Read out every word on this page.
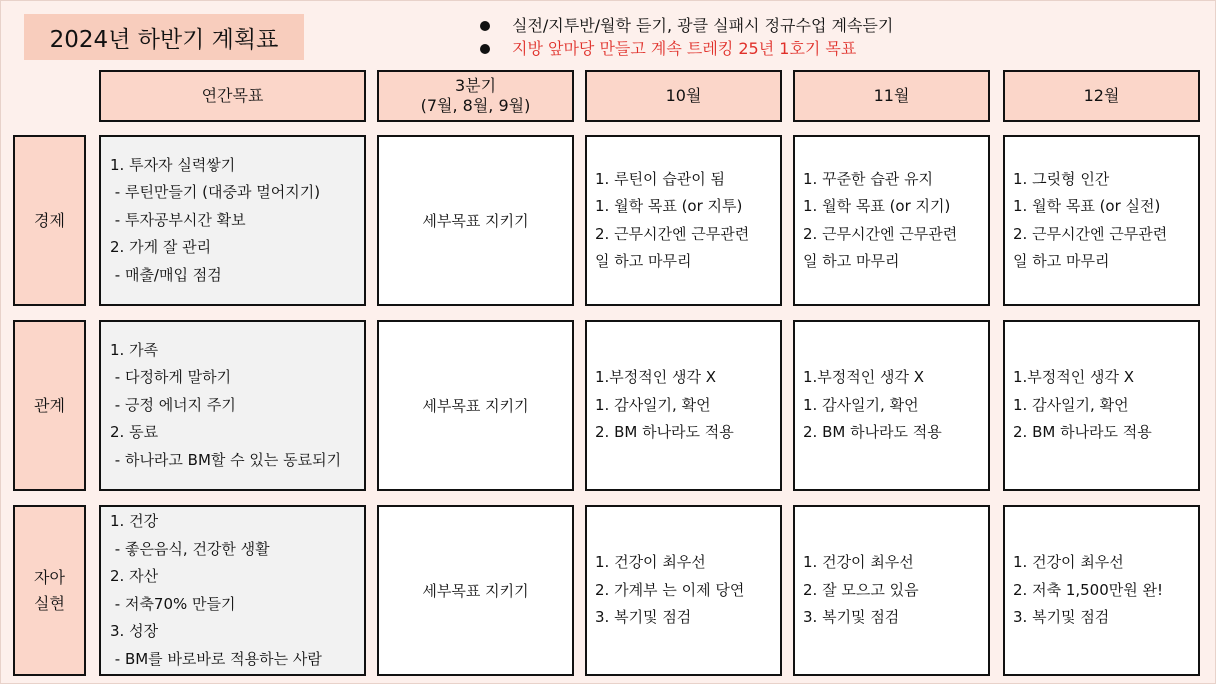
2024년 하반기 계획표
실전/지투반/월학 듣기, 광클 실패시 정규수업 계속듣기
지방 앞마당 만들고 계속 트레킹 25년 1호기 목표
연간목표
3분기
(7월, 8월, 9월)
10월	11월	12월
경제
1. 투자자 실력쌓기
- 루틴만들기 (대중과 멀어지기)
- 투자공부시간 확보
2. 가게 잘 관리
- 매출/매입 점검
세부목표 지키기
1. 루틴이 습관이 됨
1. 월학 목표 (or 지투)
2. 근무시간엔 근무관련
일 하고 마무리
1. 꾸준한 습관 유지
1. 월학 목표 (or 지기)
2. 근무시간엔 근무관련
일 하고 마무리
1. 그릿형 인간
1. 월학 목표 (or 실전)
2. 근무시간엔 근무관련
일 하고 마무리
관계
1. 가족
- 다정하게 말하기
- 긍정 에너지 주기
2. 동료
- 하나라고 BM할 수 있는 동료되기
세부목표 지키기
1.부정적인 생각 X
1. 감사일기, 확언
2. BM 하나라도 적용
1.부정적인 생각 X
1. 감사일기, 확언
2. BM 하나라도 적용
1.부정적인 생각 X
1. 감사일기, 확언
2. BM 하나라도 적용
자아
실현
1. 건강
- 좋은음식, 건강한 생활
2. 자산
- 저축70% 만들기
3. 성장
- BM를 바로바로 적용하는 사람
세부목표 지키기
1. 건강이 최우선
2. 가계부 는 이제 당연
3. 복기및 점검
1. 건강이 최우선
2. 잘 모으고 있음
3. 복기및 점검
1. 건강이 최우선
2. 저축 1,500만원 완!
3. 복기및 점검
